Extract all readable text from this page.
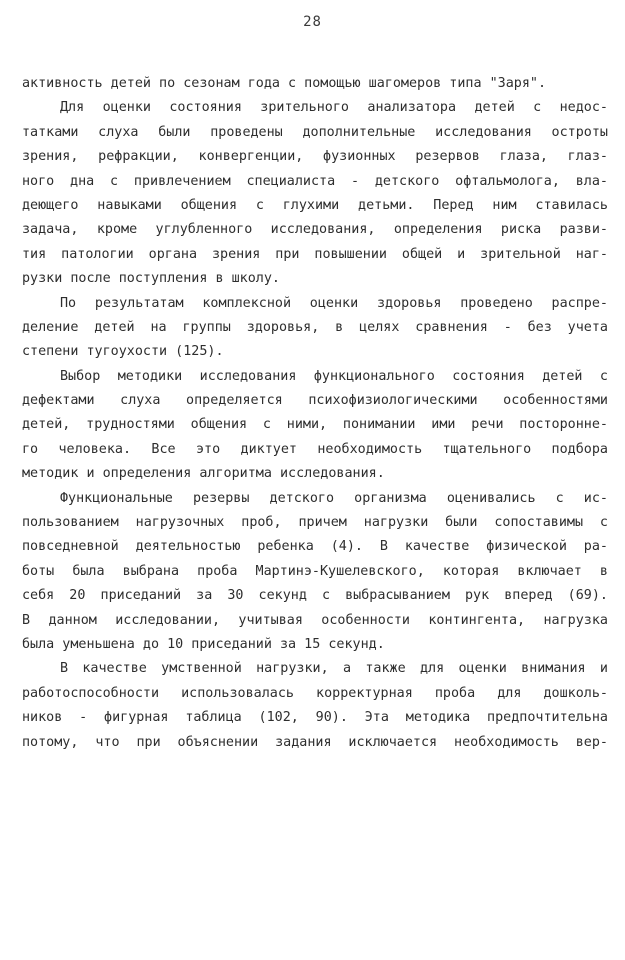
28
активность детей по сезонам года с помощью шагомеров типа "Заря".
Для оценки состояния зрительного анализатора детей с недос-
татками слуха были проведены дополнительные исследования остроты
зрения, рефракции, конвергенции, фузионных резервов глаза, глаз-
ного дна с привлечением специалиста - детского офтальмолога, вла-
деющего навыками общения с глухими детьми. Перед ним ставилась
задача, кроме углубленного исследования, определения риска разви-
тия патологии органа зрения при повышении общей и зрительной наг-
рузки после поступления в школу.
По результатам комплексной оценки здоровья проведено распре-
деление детей на группы здоровья, в целях сравнения - без учета
степени тугоухости (125).
Выбор методики исследования функционального состояния детей с
дефектами слуха определяется психофизиологическими особенностями
детей, трудностями общения с ними, понимании ими речи постороннe-
го человека. Все это диктует необходимость тщательного подбора
методик и определения алгоритма исследования.
Функциональные резервы детского организма оценивались с ис-
пользованием нагрузочных проб, причем нагрузки были сопоставимы с
повседневной деятельностью ребенка (4). В качестве физической ра-
боты была выбрана проба Мартинэ-Кушелевского, которая включает в
себя 20 приседаний за 30 секунд с выбрасыванием рук вперед (69).
В данном исследовании, учитывая особенности контингента, нагрузка
была уменьшена до 10 приседаний за 15 секунд.
В качестве умственной нагрузки, а также для оценки внимания и
работоспособности использовалась корректурная проба для дошколь-
ников - фигурная таблица (102, 90). Эта методика предпочтительна
потому, что при объяснении задания исключается необходимость вер-
